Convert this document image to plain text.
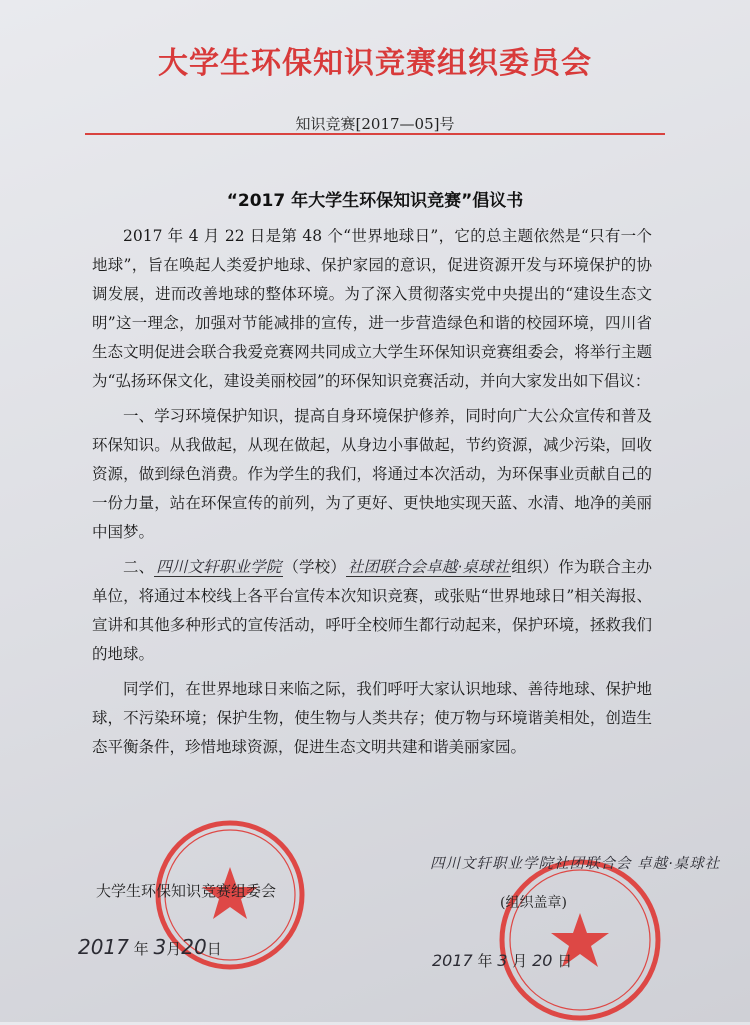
大学生环保知识竞赛组织委员会
知识竞赛[2017—05]号
“2017 年大学生环保知识竞赛”倡议书

2017 年 4 月 22 日是第 48 个“世界地球日”，它的总主题依然是“只有一个地球”，旨在唤起人类爱护地球、保护家园的意识，促进资源开发与环境保护的协调发展，进而改善地球的整体环境。为了深入贯彻落实党中央提出的“建设生态文明”这一理念，加强对节能减排的宣传，进一步营造绿色和谐的校园环境，四川省生态文明促进会联合我爱竞赛网共同成立大学生环保知识竞赛组委会，将举行主题为“弘扬环保文化，建设美丽校园”的环保知识竞赛活动，并向大家发出如下倡议：

一、学习环境保护知识，提高自身环境保护修养，同时向广大公众宣传和普及环保知识。从我做起，从现在做起，从身边小事做起，节约资源，减少污染，回收资源，做到绿色消费。作为学生的我们，将通过本次活动，为环保事业贡献自己的一份力量，站在环保宣传的前列，为了更好、更快地实现天蓝、水清、地净的美丽中国梦。

二、 四川文轩职业学院 （学校） 社团联合会卓越·桌球社 组织）作为联合主办单位，将通过本校线上各平台宣传本次知识竞赛，或张贴“世界地球日”相关海报、宣讲和其他多种形式的宣传活动，呼吁全校师生都行动起来，保护环境，拯救我们的地球。

同学们，在世界地球日来临之际，我们呼吁大家认识地球、善待地球、保护地球，不污染环境；保护生物，使生物与人类共存；使万物与环境谐美相处，创造生态平衡条件，珍惜地球资源，促进生态文明共建和谐美丽家园。

大学生环保知识竞赛组委会
2017 年 3月20日
四川文轩职业学院社团联合会 卓越·桌球社
(组织盖章)
2017 年 3 月 20 日
